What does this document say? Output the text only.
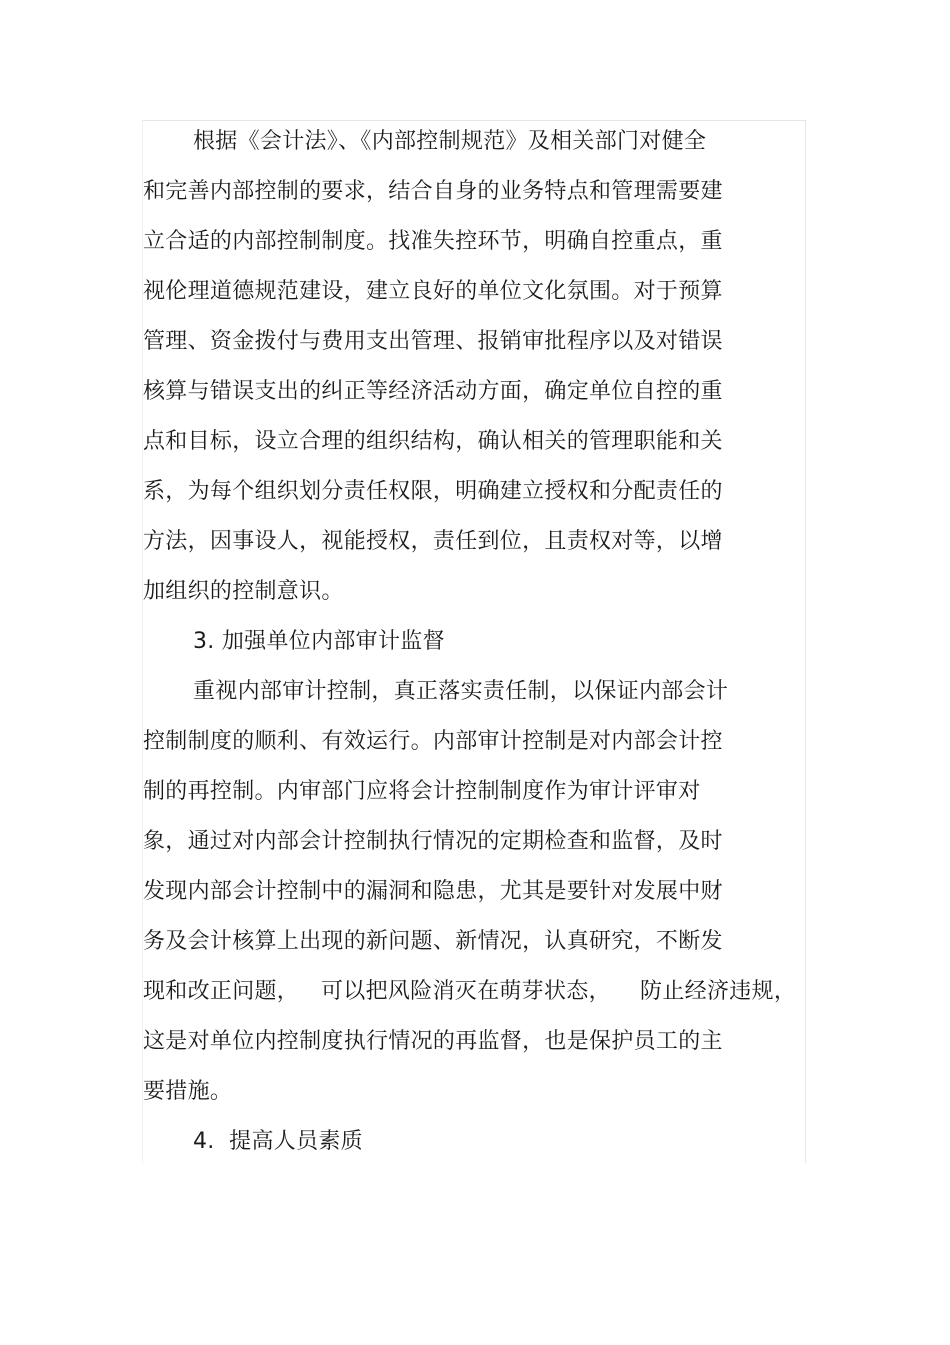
根据《会计法》、《内部控制规范》及相关部门对健全
和完善内部控制的要求，结合自身的业务特点和管理需要建
立合适的内部控制制度。找准失控环节，明确自控重点，重
视伦理道德规范建设，建立良好的单位文化氛围。对于预算
管理、资金拨付与费用支出管理、报销审批程序以及对错误
核算与错误支出的纠正等经济活动方面，确定单位自控的重
点和目标，设立合理的组织结构，确认相关的管理职能和关
系，为每个组织划分责任权限，明确建立授权和分配责任的
方法，因事设人，视能授权，责任到位，且责权对等，以增
加组织的控制意识。
3. 加强单位内部审计监督
重视内部审计控制，真正落实责任制，以保证内部会计
控制制度的顺利、有效运行。内部审计控制是对内部会计控
制的再控制。内审部门应将会计控制制度作为审计评审对
象，通过对内部会计控制执行情况的定期检查和监督，及时
发现内部会计控制中的漏洞和隐患，尤其是要针对发展中财
务及会计核算上出现的新问题、新情况，认真研究，不断发
现和改正问题，   可以把风险消灭在萌芽状态，    防止经济违规，
这是对单位内控制度执行情况的再监督，也是保护员工的主
要措施。
4.  提高人员素质
